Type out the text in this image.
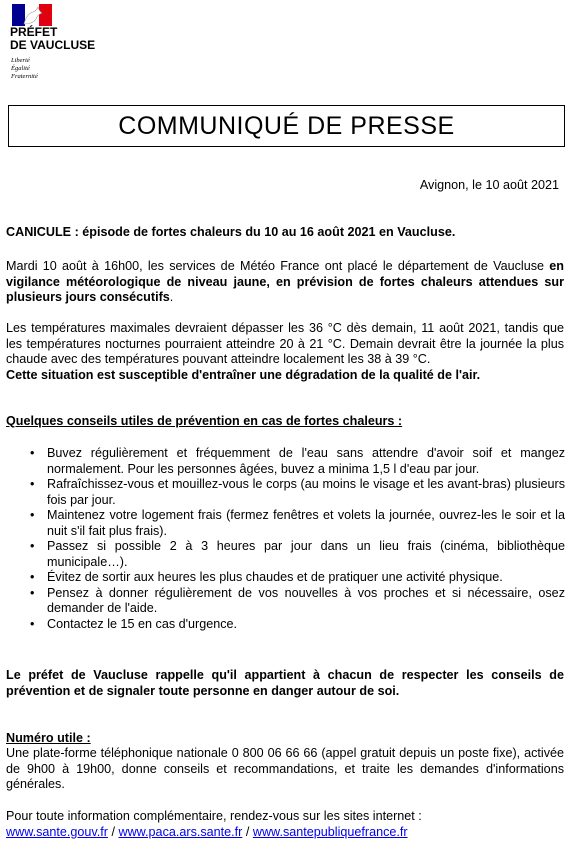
PRÉFET
DE VAUCLUSE
Liberté
Égalité
Fraternité
COMMUNIQUÉ DE PRESSE
Avignon, le 10 août 2021
CANICULE : épisode de fortes chaleurs du 10 au 16 août 2021 en Vaucluse.
Mardi 10 août à 16h00, les services de Météo France ont placé le département de Vaucluse en vigilance météorologique de niveau jaune, en prévision de fortes chaleurs attendues sur plusieurs jours consécutifs.
Les températures maximales devraient dépasser les 36 °C dès demain, 11 août 2021, tandis que les températures nocturnes pourraient atteindre 20 à 21 °C. Demain devrait être la journée la plus chaude avec des températures pouvant atteindre localement les 38 à 39 °C.
Cette situation est susceptible d'entraîner une dégradation de la qualité de l'air.
Quelques conseils utiles de prévention en cas de fortes chaleurs :
• Buvez régulièrement et fréquemment de l'eau sans attendre d'avoir soif et mangez normalement. Pour les personnes âgées, buvez a minima 1,5 l d'eau par jour.
• Rafraîchissez-vous et mouillez-vous le corps (au moins le visage et les avant-bras) plusieurs fois par jour.
• Maintenez votre logement frais (fermez fenêtres et volets la journée, ouvrez-les le soir et la nuit s'il fait plus frais).
• Passez si possible 2 à 3 heures par jour dans un lieu frais (cinéma, bibliothèque municipale…).
• Évitez de sortir aux heures les plus chaudes et de pratiquer une activité physique.
• Pensez à donner régulièrement de vos nouvelles à vos proches et si nécessaire, osez demander de l'aide.
• Contactez le 15 en cas d'urgence.
Le préfet de Vaucluse rappelle qu'il appartient à chacun de respecter les conseils de prévention et de signaler toute personne en danger autour de soi.
Numéro utile :
Une plate-forme téléphonique nationale 0 800 06 66 66 (appel gratuit depuis un poste fixe), activée de 9h00 à 19h00, donne conseils et recommandations, et traite les demandes d'informations générales.
Pour toute information complémentaire, rendez-vous sur les sites internet :
www.sante.gouv.fr / www.paca.ars.sante.fr / www.santepubliquefrance.fr
